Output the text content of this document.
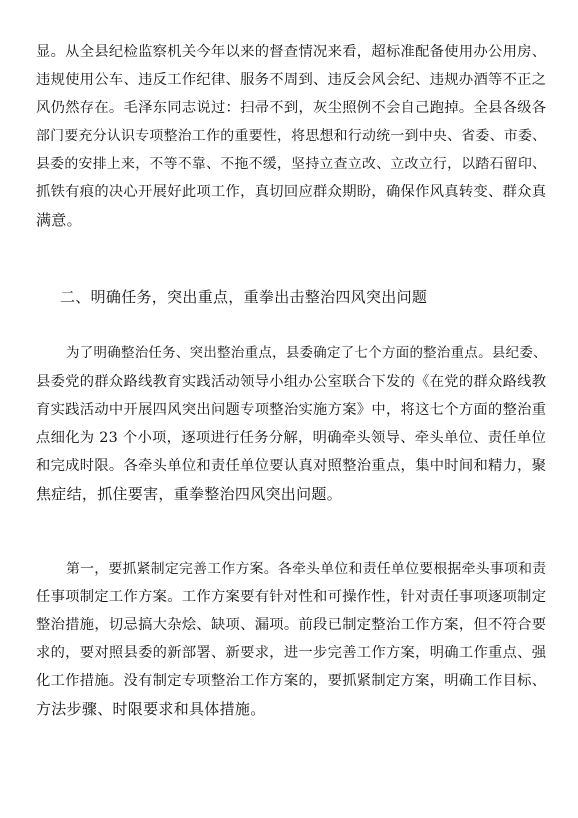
显。从全县纪检监察机关今年以来的督查情况来看，超标准配备使用办公用房、
违规使用公车、违反工作纪律、服务不周到、违反会风会纪、违规办酒等不正之
风仍然存在。毛泽东同志说过：扫帚不到，灰尘照例不会自己跑掉。全县各级各
部门要充分认识专项整治工作的重要性，将思想和行动统一到中央、省委、市委、
县委的安排上来，不等不靠、不拖不缓，坚持立查立改、立改立行，以踏石留印、
抓铁有痕的决心开展好此项工作，真切回应群众期盼，确保作风真转变、群众真
满意。

二、明确任务，突出重点，重拳出击整治四风突出问题

为了明确整治任务、突出整治重点，县委确定了七个方面的整治重点。县纪委、
县委党的群众路线教育实践活动领导小组办公室联合下发的《在党的群众路线教
育实践活动中开展四风突出问题专项整治实施方案》中，将这七个方面的整治重
点细化为 23 个小项，逐项进行任务分解，明确牵头领导、牵头单位、责任单位
和完成时限。各牵头单位和责任单位要认真对照整治重点，集中时间和精力，聚
焦症结，抓住要害，重拳整治四风突出问题。
第一，要抓紧制定完善工作方案。各牵头单位和责任单位要根据牵头事项和责
任事项制定工作方案。工作方案要有针对性和可操作性，针对责任事项逐项制定
整治措施，切忌搞大杂烩、缺项、漏项。前段已制定整治工作方案，但不符合要
求的，要对照县委的新部署、新要求，进一步完善工作方案，明确工作重点、强
化工作措施。没有制定专项整治工作方案的，要抓紧制定方案，明确工作目标、
方法步骤、时限要求和具体措施。
